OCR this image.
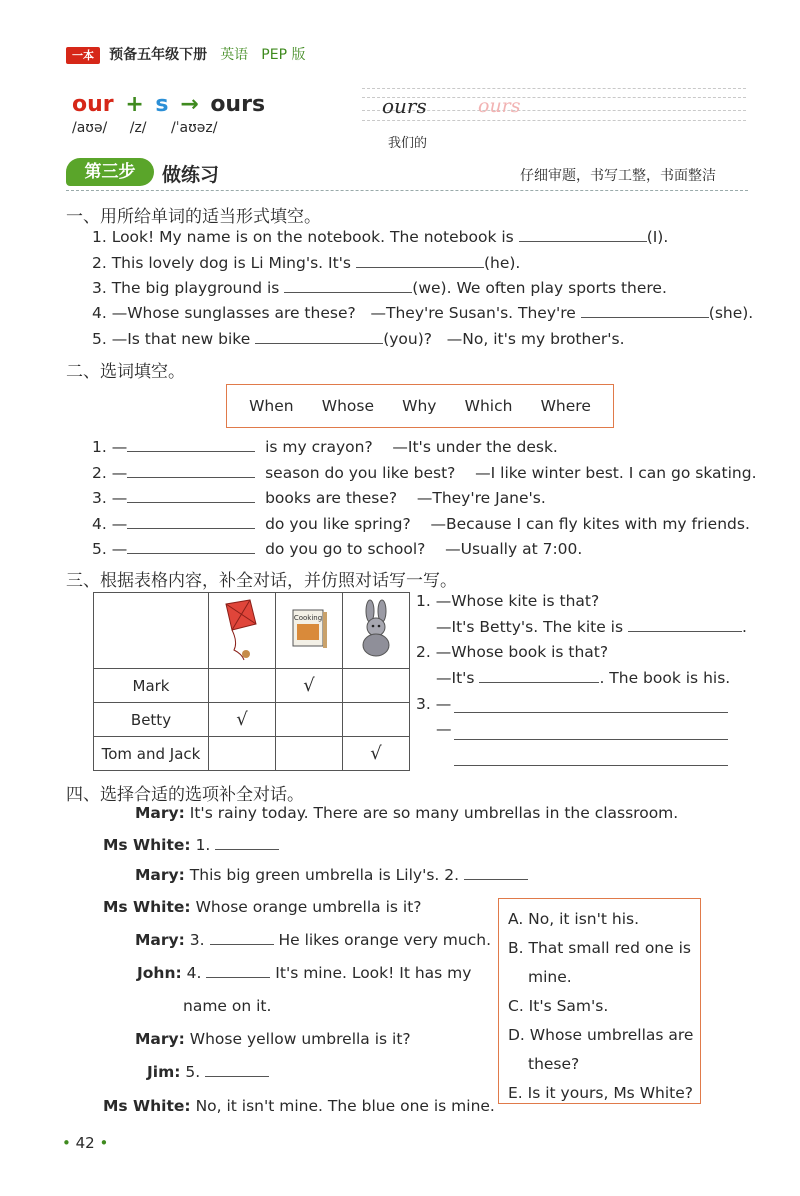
一本 预备五年级下册 英语 PEP 版
our + s → ours
/aʊə/ /z/ /ˈaʊəz/
ours	ours
我们的
第三步	做练习	仔细审题，书写工整，书面整洁
一、用所给单词的适当形式填空。
1. Look! My name is on the notebook. The notebook is	(I).
2. This lovely dog is Li Ming's. It's	(he).
3. The big playground is	(we). We often play sports there.
4. —Whose sunglasses are these? —They're Susan's. They're	(she).
5. —Is that new bike	(you)? —No, it's my brother's.
二、选词填空。
When Whose Why Which Where
1. —	is my crayon? —It's under the desk.
2. —	season do you like best? —I like winter best. I can go skating.
3. —	books are these? —They're Jane's.
4. —	do you like spring? —Because I can fly kites with my friends.
5. —	do you go to school? —Usually at 7:00.
三、根据表格内容，补全对话，并仿照对话写一写。

Cooking

Mark		√	
Betty	√		
Tom and Jack			√
1. —Whose kite is that?
—It's Betty's. The kite is	.
2. —Whose book is that?
—It's	. The book is his.
3. —
—
四、选择合适的选项补全对话。
Mary: It's rainy today. There are so many umbrellas in the classroom.
Ms White: 1.
Mary: This big green umbrella is Lily's. 2.
Ms White: Whose orange umbrella is it?
Mary: 3.	He likes orange very much.
John: 4.	It's mine. Look! It has my
name on it.
Mary: Whose yellow umbrella is it?
Jim: 5.
Ms White: No, it isn't mine. The blue one is mine.
A. No, it isn't his.
B. That small red one is
mine.
C. It's Sam's.
D. Whose umbrellas are
these?
E. Is it yours, Ms White?
• 42 •
